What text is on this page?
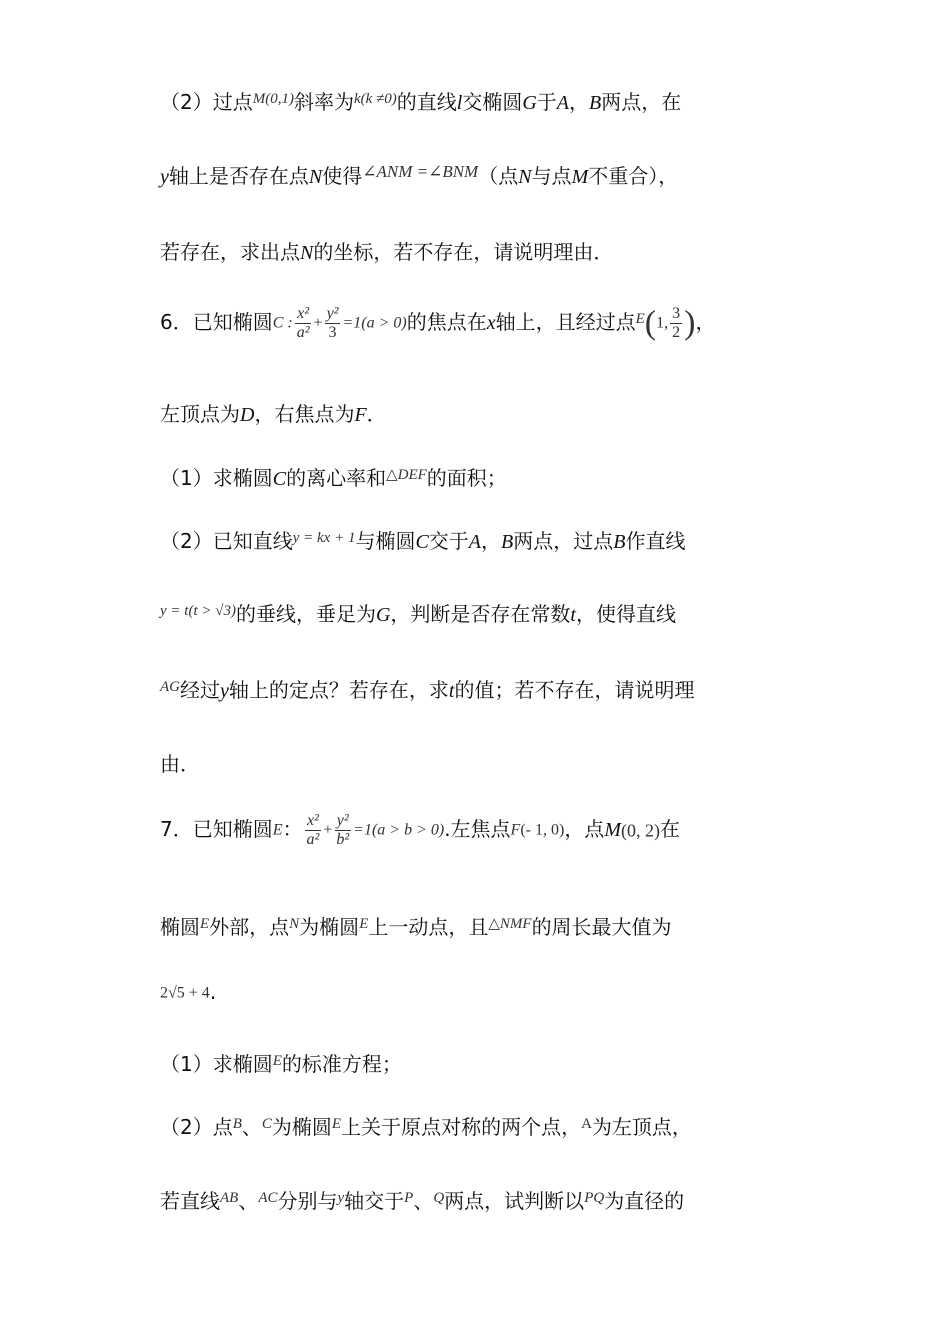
（2）过点$^{M(0,1)}$斜率为$^{k(k \ne 0)}$的直线l交椭圆G于A，B两点，在
y轴上是否存在点N使得$^{\angle ANM =\angle BNM}$（点N与点M不重合），
若存在，求出点N的坐标，若不存在，请说明理由．
6．已知椭圆C : $\frac{\text{x²}}{\text{a²}} + \frac{\text{y²}}{3} =1(a > 0)$的焦点在x轴上，且经过点$^E$(1, $\frac{3}{2}$ )，
左顶点为D，右焦点为F．
（1）求椭圆C的离心率和$^{\triangle DEF}$的面积；
（2）已知直线$^{y = kx + 1}$与椭圆C交于A，B两点，过点B作直线
$^{y = t(t > √3)}$的垂线，垂足为G，判断是否存在常数t，使得直线
$^{AG}$经过y轴上的定点？若存在，求t的值；若不存在，请说明理
由．
7．已知椭圆E： $\frac{\text{x²}}{\text{a²}} + \frac{\text{y²}}{\text{b²}} =1(a > b > 0)$.左焦点F(- 1, 0)，点M(0, 2)在
椭圆$^E$外部，点$^N$为椭圆$^E$上一动点，且$^{\triangle NMF}$的周长最大值为
2√5 + 4.
（1）求椭圆$^E$的标准方程；
（2）点$^B$、$^C$为椭圆$^E$上关于原点对称的两个点，$^A$为左顶点，
若直线$^{AB}$、$^{AC}$分别与$^y$轴交于$^P$、$^Q$两点，试判断以$^{PQ}$为直径的
